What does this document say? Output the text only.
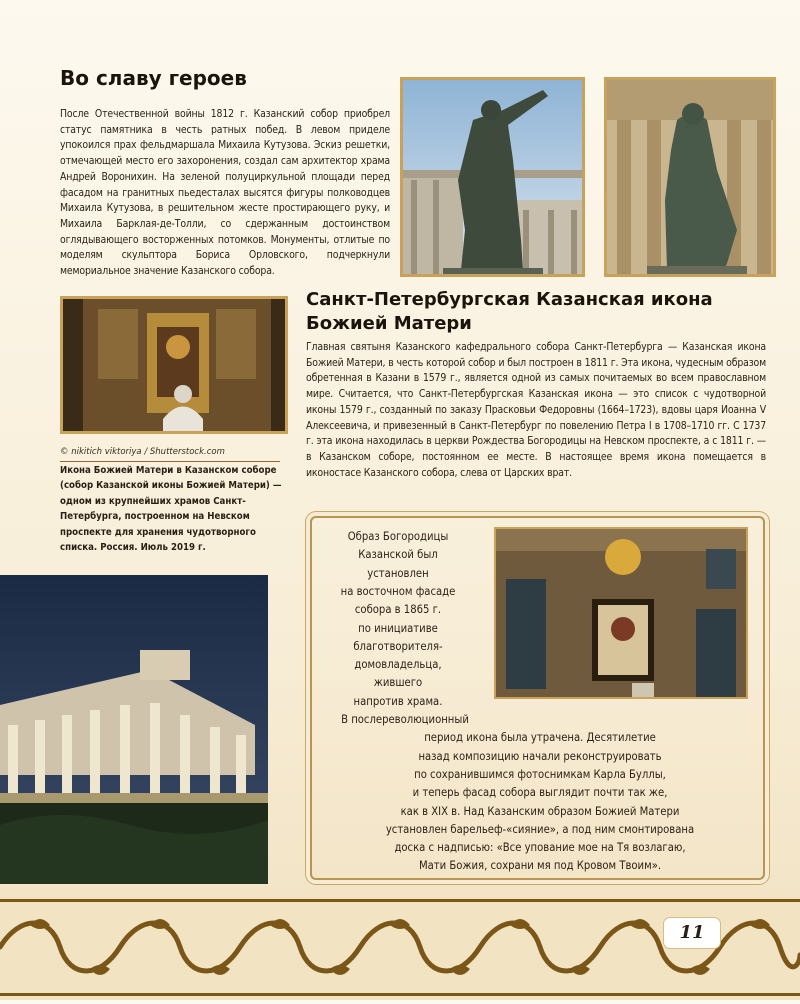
Во славу героев

После Отечественной войны 1812 г. Казанский собор приобрел статус памятника в честь ратных побед. В левом приделе упокоился прах фельдмаршала Михаила Кутузова. Эскиз решетки, отмечающей место его захоронения, создал сам архитектор храма Андрей Воронихин. На зеленой полуциркульной площади перед фасадом на гранитных пьедесталах высятся фигуры полководцев Михаила Кутузова, в решительном жесте простирающего руку, и Михаила Барклая-де-Толли, со сдержанным достоинством оглядывающего восторженных потомков. Монументы, отлитые по моделям скульптора Бориса Орловского, подчеркнули мемориальное значение Казанского собора.

Санкт-Петербургская Казанская икона Божией Матери

Главная святыня Казанского кафедрального собора Санкт-Петербурга — Казанская икона Божией Матери, в честь которой собор и был построен в 1811 г. Эта икона, чудесным образом обретенная в Казани в 1579 г., является одной из самых почитаемых во всем православном мире. Считается, что Санкт-Петербургская Казанская икона — это список с чудотворной иконы 1579 г., созданный по заказу Прасковьи Федоровны (1664–1723), вдовы царя Иоанна V Алексеевича, и привезенный в Санкт-Петербург по повелению Петра I в 1708–1710 гг. С 1737 г. эта икона находилась в церкви Рождества Богородицы на Невском проспекте, а с 1811 г. — в Казанском соборе, постоянном ее месте. В настоящее время икона помещается в иконостасе Казанского собора, слева от Царских врат.

© nikitich viktoriya / Shutterstock.com

Икона Божией Матери в Казанском соборе (собор Казанской иконы Божией Матери) — одном из крупнейших храмов Санкт-Петербурга, построенном на Невском проспекте для хранения чудотворного списка. Россия. Июль 2019 г.

Образ Богородицы
Казанской был
установлен
на восточном фасаде
собора в 1865 г.
по инициативе
благотворителя-
домовладельца,
жившего
напротив храма.
В послереволюционный
период икона была утрачена. Десятилетие
назад композицию начали реконструировать
по сохранившимся фотоснимкам Карла Буллы,
и теперь фасад собора выглядит почти так же,
как в XIX в. Над Казанским образом Божией Матери
установлен барельеф-«сияние», а под ним смонтирована
доска с надписью: «Все упование мое на Тя возлагаю,
11
Мати Божия, сохрани мя под Кровом Твоим».
